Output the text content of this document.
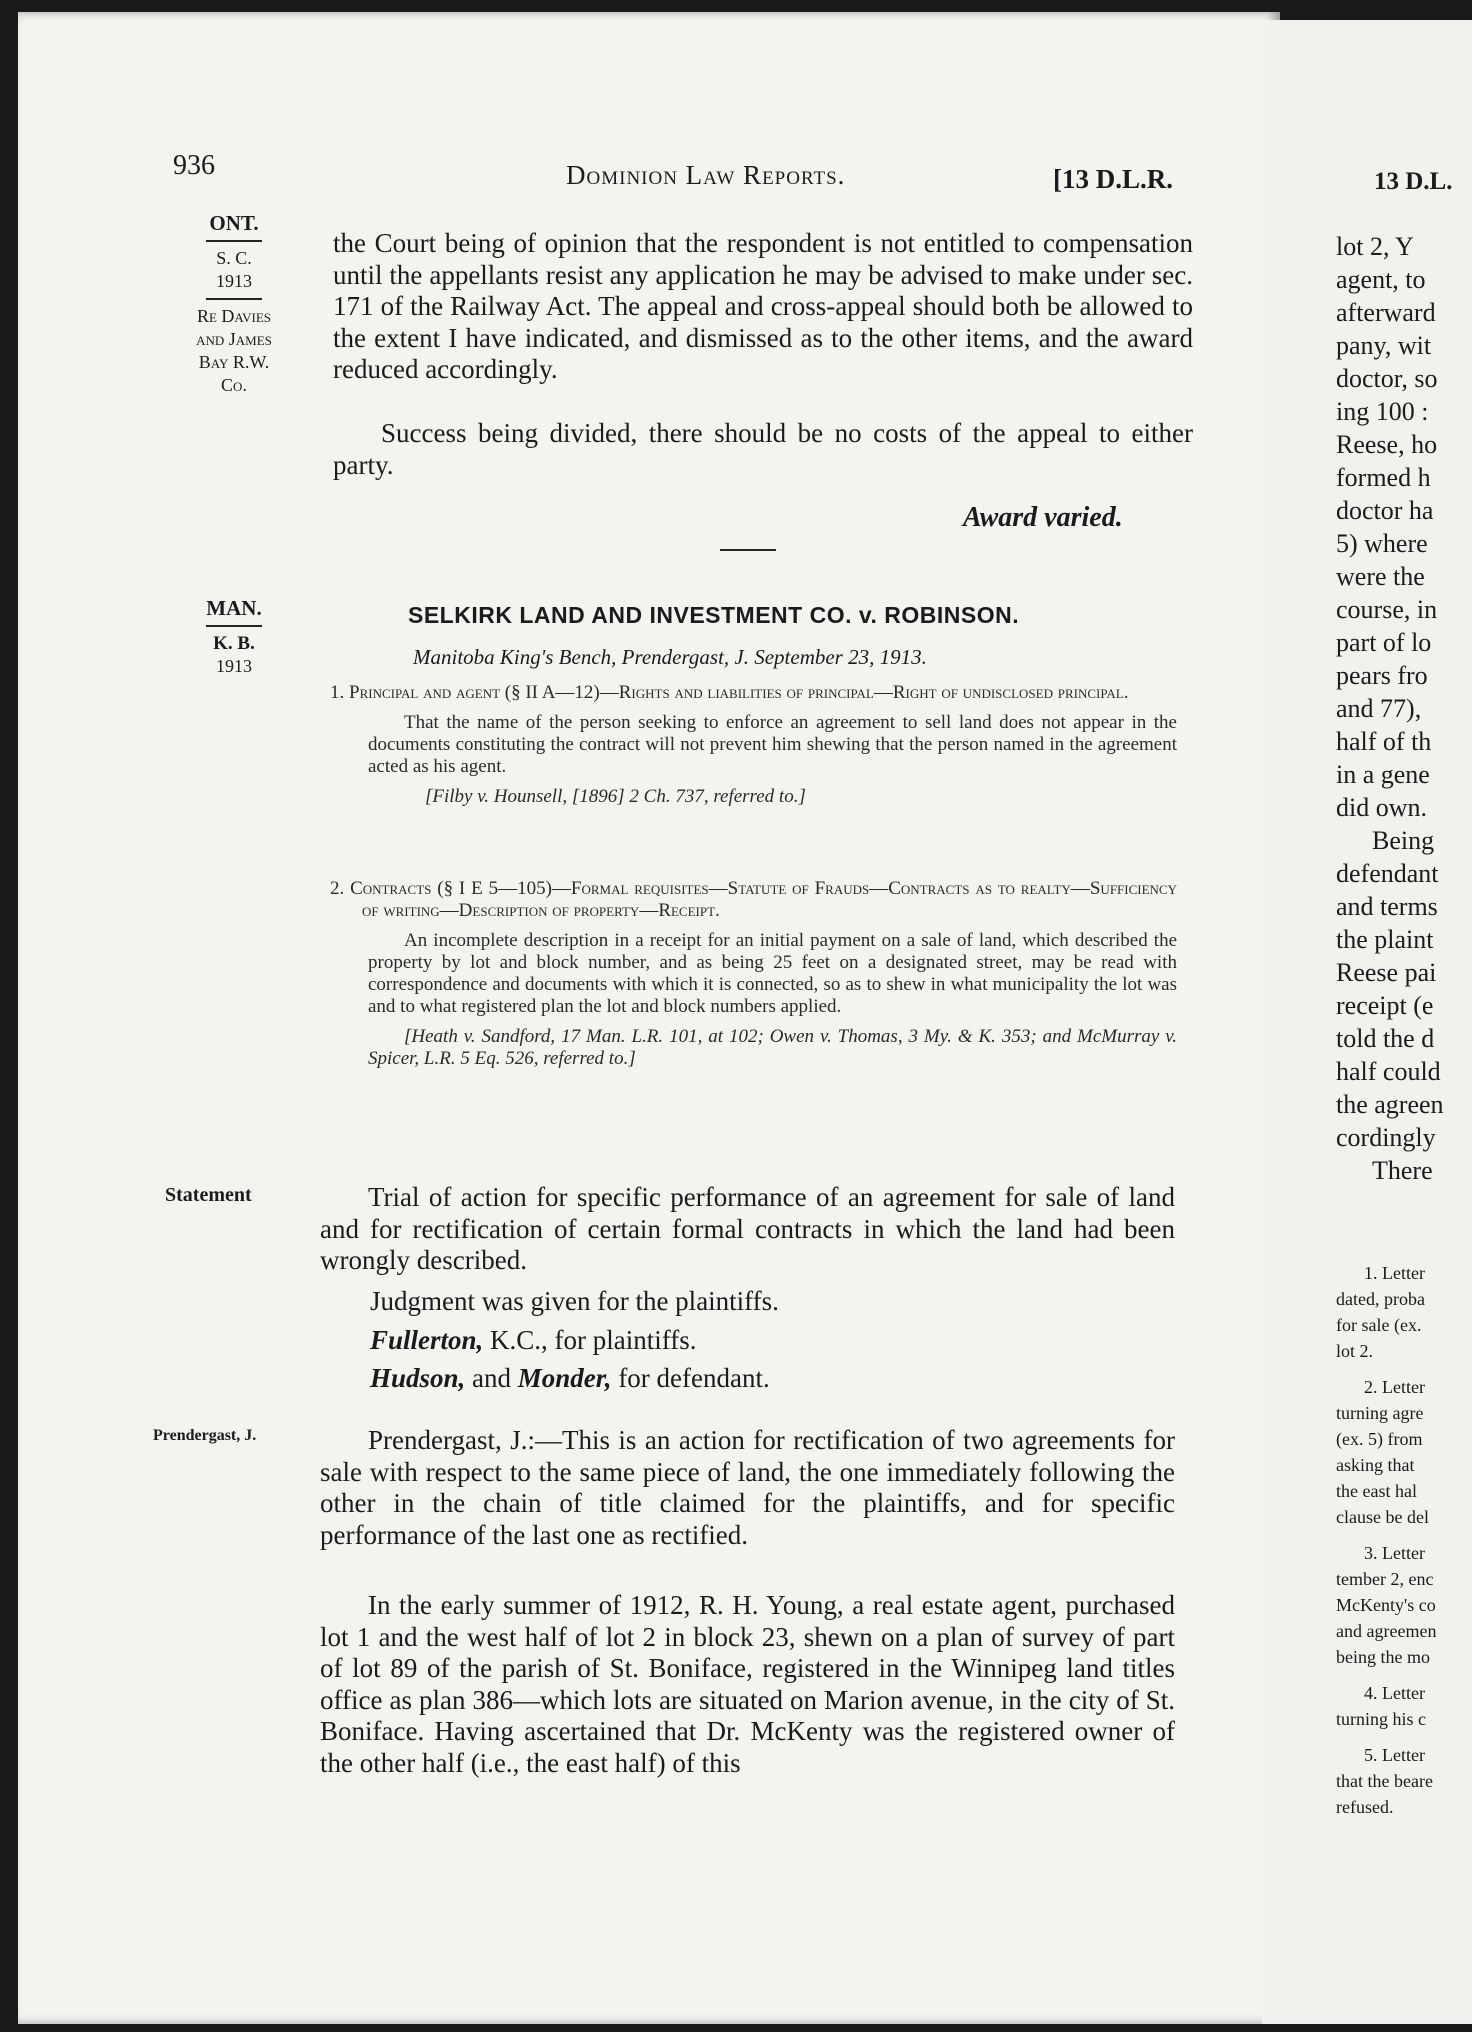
936	Dominion Law Reports.	[13 D.L.R.
ONT.
S. C.
1913
Re Davies
and James
Bay R.W.
Co.
the Court being of opinion that the respondent is not entitled to compensation until the appellants resist any application he may be advised to make under sec. 171 of the Railway Act. The appeal and cross-appeal should both be allowed to the extent I have indicated, and dismissed as to the other items, and the award reduced accordingly.
Success being divided, there should be no costs of the appeal to either party.
Award varied.
MAN.
K. B.
1913
SELKIRK LAND AND INVESTMENT CO. v. ROBINSON.
Manitoba King's Bench, Prendergast, J. September 23, 1913.
1. Principal and agent (§ II A—12)—Rights and liabilities of principal—Right of undisclosed principal.
That the name of the person seeking to enforce an agreement to sell land does not appear in the documents constituting the contract will not prevent him shewing that the person named in the agreement acted as his agent.
[Filby v. Hounsell, [1896] 2 Ch. 737, referred to.]
2. Contracts (§ I E 5—105)—Formal requisites—Statute of Frauds—Contracts as to realty—Sufficiency of writing—Description of property—Receipt.
An incomplete description in a receipt for an initial payment on a sale of land, which described the property by lot and block number, and as being 25 feet on a designated street, may be read with correspondence and documents with which it is connected, so as to shew in what municipality the lot was and to what registered plan the lot and block numbers applied.
[Heath v. Sandford, 17 Man. L.R. 101, at 102; Owen v. Thomas, 3 My. & K. 353; and McMurray v. Spicer, L.R. 5 Eq. 526, referred to.]
Statement	Trial of action for specific performance of an agreement for sale of land and for rectification of certain formal contracts in which the land had been wrongly described.
Judgment was given for the plaintiffs.
Fullerton, K.C., for plaintiffs.
Hudson, and Monder, for defendant.
Prendergast, J.	Prendergast, J.:—This is an action for rectification of two agreements for sale with respect to the same piece of land, the one immediately following the other in the chain of title claimed for the plaintiffs, and for specific performance of the last one as rectified.
In the early summer of 1912, R. H. Young, a real estate agent, purchased lot 1 and the west half of lot 2 in block 23, shewn on a plan of survey of part of lot 89 of the parish of St. Boniface, registered in the Winnipeg land titles office as plan 386—which lots are situated on Marion avenue, in the city of St. Boniface. Having ascertained that Dr. McKenty was the registered owner of the other half (i.e., the east half) of this
13 D.L.
lot 2, Y
agent, to
afterward
pany, wit
doctor, so
ing 100 :
Reese, ho
formed h
doctor ha
5) where
were the
course, in
part of lo
pears fro
and 77),
half of th
in a gene
did own.
Being
defendant
and terms
the plaint
Reese pai
receipt (e
told the d
half could
the agreen
cordingly
There
1. Letter
dated, proba
for sale (ex.
lot 2.
2. Letter
turning agre
(ex. 5) from
asking that
the east hal
clause be del
3. Letter
tember 2, enc
McKenty's co
and agreemen
being the mo
4. Letter
turning his c
5. Letter
that the beare
refused.
